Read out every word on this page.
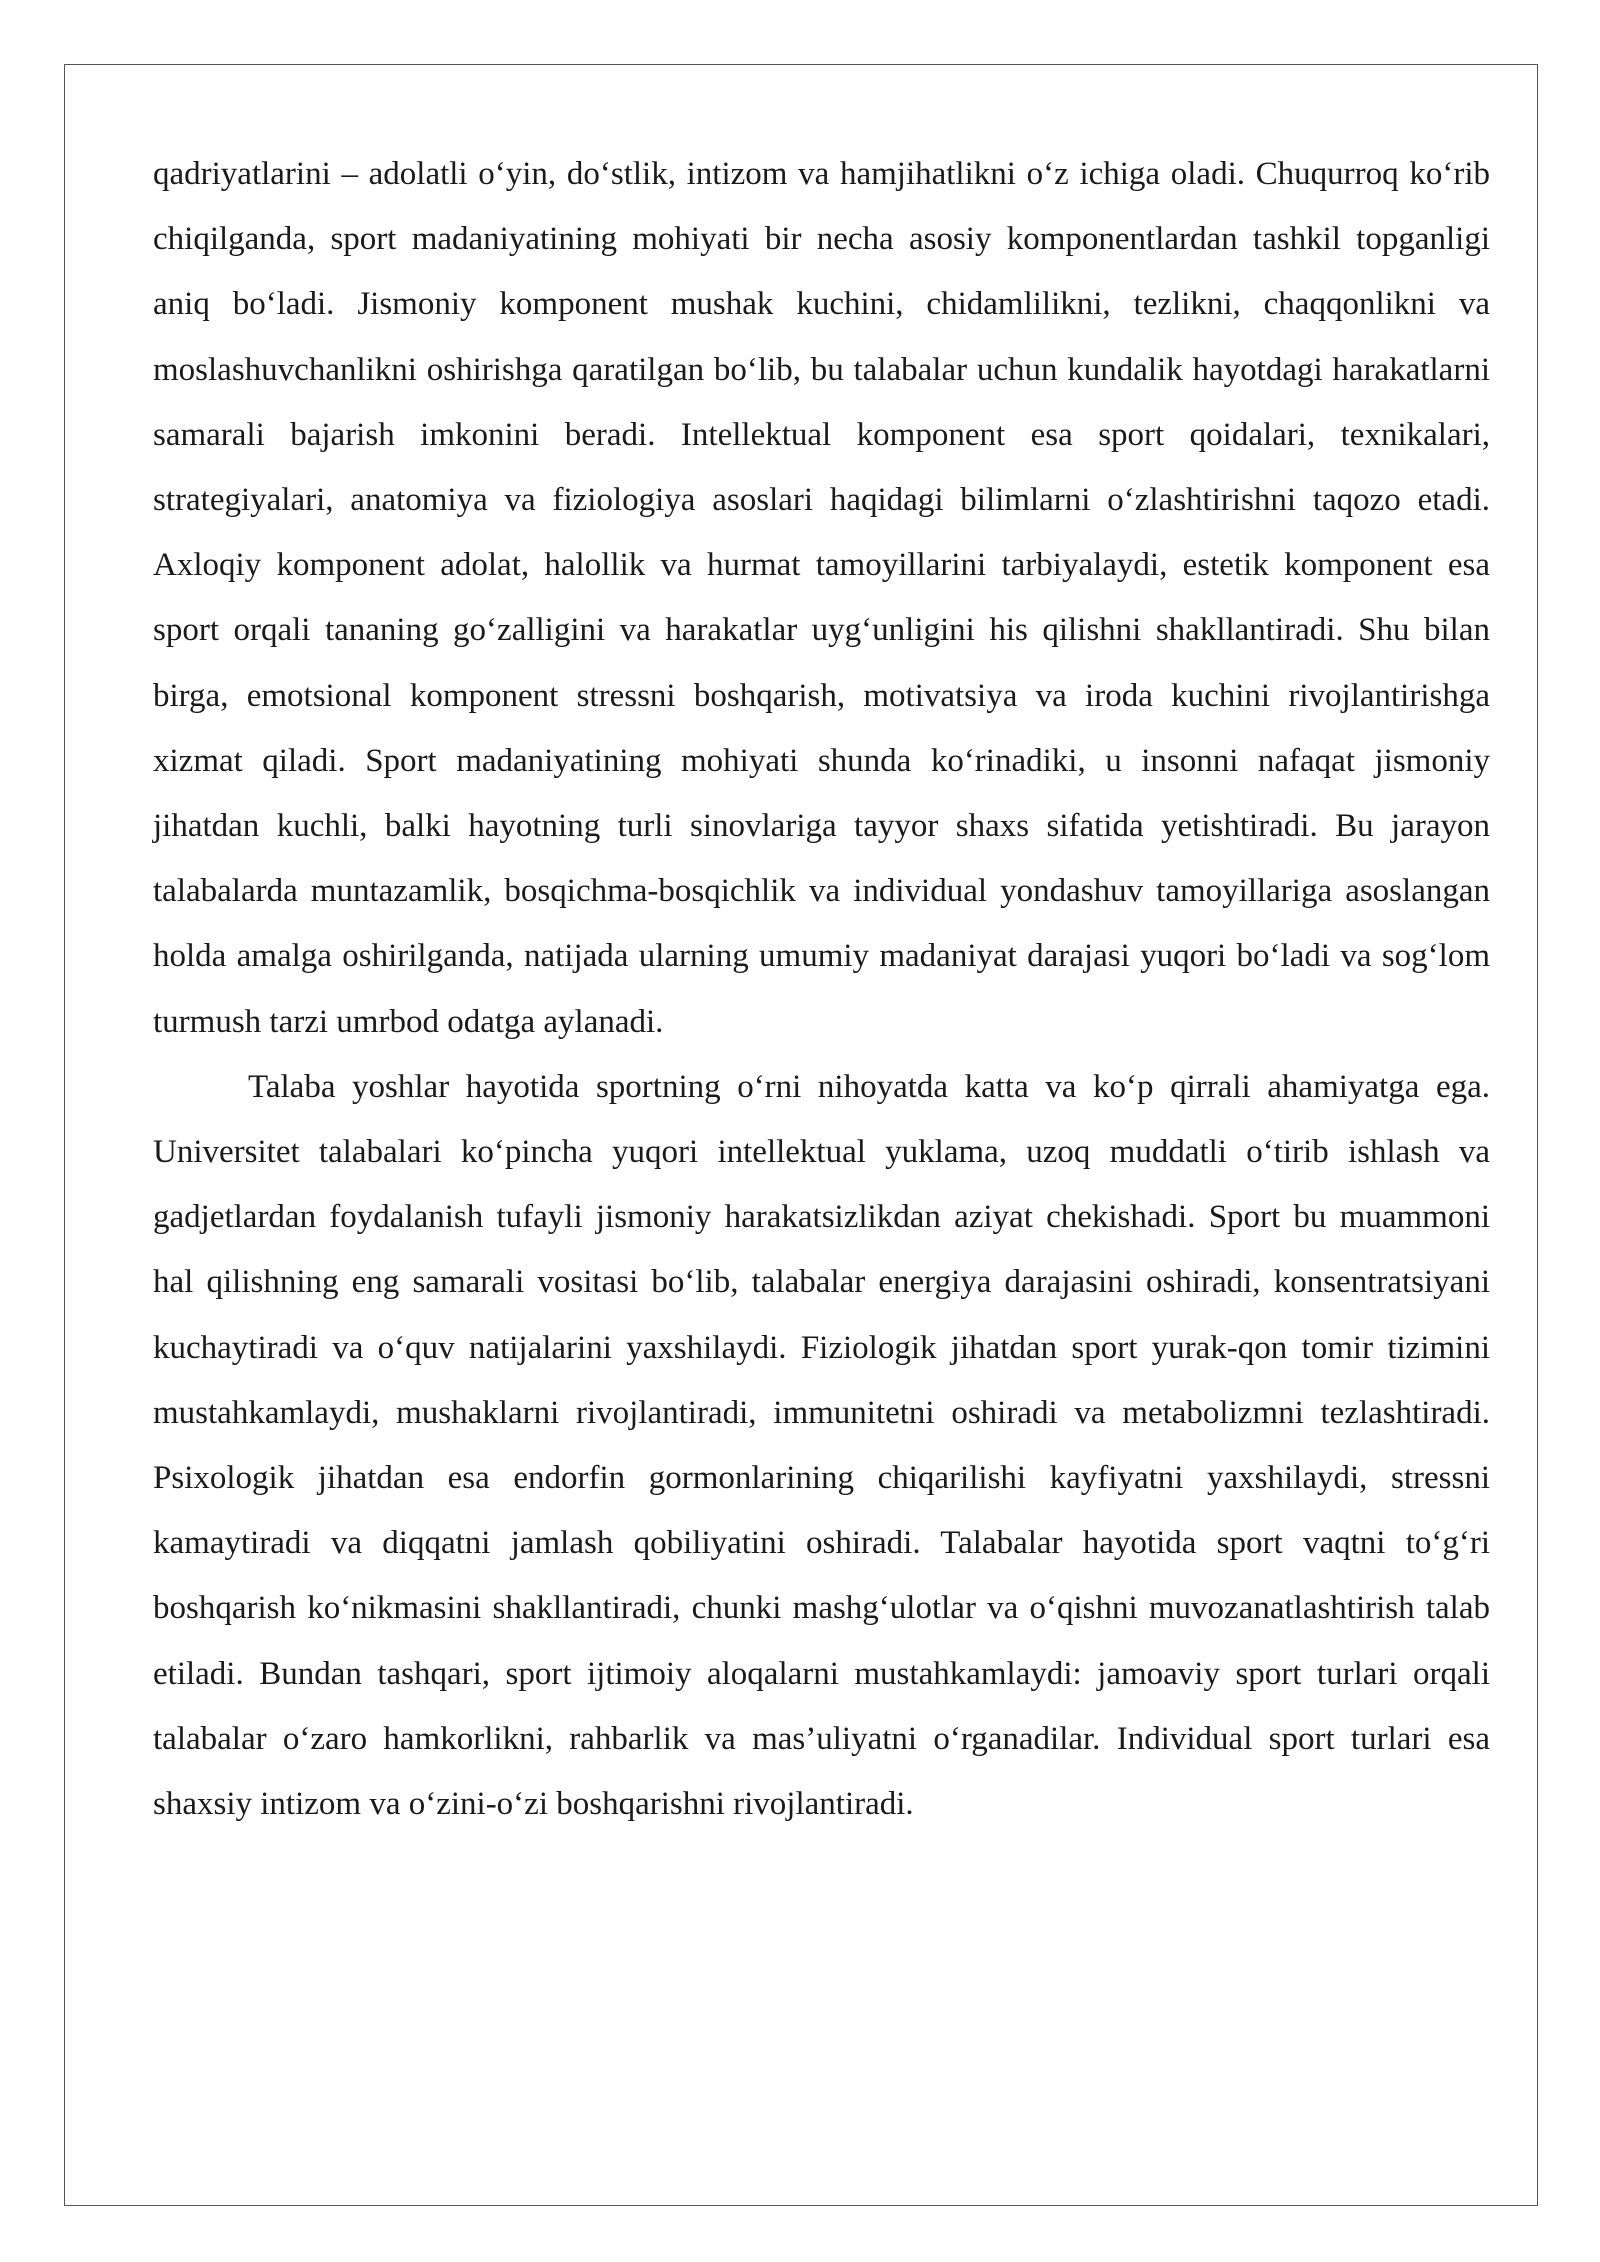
qadriyatlarini – adolatli o‘yin, do‘stlik, intizom va hamjihatlikni o‘z ichiga oladi. Chuqurroq ko‘rib chiqilganda, sport madaniyatining mohiyati bir necha asosiy komponentlardan tashkil topganligi aniq bo‘ladi. Jismoniy komponent mushak kuchini, chidamlilikni, tezlikni, chaqqonlikni va moslashuvchanlikni oshirishga qaratilgan bo‘lib, bu talabalar uchun kundalik hayotdagi harakatlarni samarali bajarish imkonini beradi. Intellektual komponent esa sport qoidalari, texnikalari, strategiyalari, anatomiya va fiziologiya asoslari haqidagi bilimlarni o‘zlashtirishni taqozo etadi. Axloqiy komponent adolat, halollik va hurmat tamoyillarini tarbiyalaydi, estetik komponent esa sport orqali tananing go‘zalligini va harakatlar uyg‘unligini his qilishni shakllantiradi. Shu bilan birga, emotsional komponent stressni boshqarish, motivatsiya va iroda kuchini rivojlantirishga xizmat qiladi. Sport madaniyatining mohiyati shunda ko‘rinadiki, u insonni nafaqat jismoniy jihatdan kuchli, balki hayotning turli sinovlariga tayyor shaxs sifatida yetishtiradi. Bu jarayon talabalarda muntazamlik, bosqichma-bosqichlik va individual yondashuv tamoyillariga asoslangan holda amalga oshirilganda, natijada ularning umumiy madaniyat darajasi yuqori bo‘ladi va sog‘lom turmush tarzi umrbod odatga aylanadi.

Talaba yoshlar hayotida sportning o‘rni nihoyatda katta va ko‘p qirrali ahamiyatga ega. Universitet talabalari ko‘pincha yuqori intellektual yuklama, uzoq muddatli o‘tirib ishlash va gadjetlardan foydalanish tufayli jismoniy harakatsizlikdan aziyat chekishadi. Sport bu muammoni hal qilishning eng samarali vositasi bo‘lib, talabalar energiya darajasini oshiradi, konsentratsiyani kuchaytiradi va o‘quv natijalarini yaxshilaydi. Fiziologik jihatdan sport yurak-qon tomir tizimini mustahkamlaydi, mushaklarni rivojlantiradi, immunitetni oshiradi va metabolizmni tezlashtiradi. Psixologik jihatdan esa endorfin gormonlarining chiqarilishi kayfiyatni yaxshilaydi, stressni kamaytiradi va diqqatni jamlash qobiliyatini oshiradi. Talabalar hayotida sport vaqtni to‘g‘ri boshqarish ko‘nikmasini shakllantiradi, chunki mashg‘ulotlar va o‘qishni muvozanatlashtirish talab etiladi. Bundan tashqari, sport ijtimoiy aloqalarni mustahkamlaydi: jamoaviy sport turlari orqali talabalar o‘zaro hamkorlikni, rahbarlik va mas’uliyatni o‘rganadilar. Individual sport turlari esa shaxsiy intizom va o‘zini-o‘zi boshqarishni rivojlantiradi.
